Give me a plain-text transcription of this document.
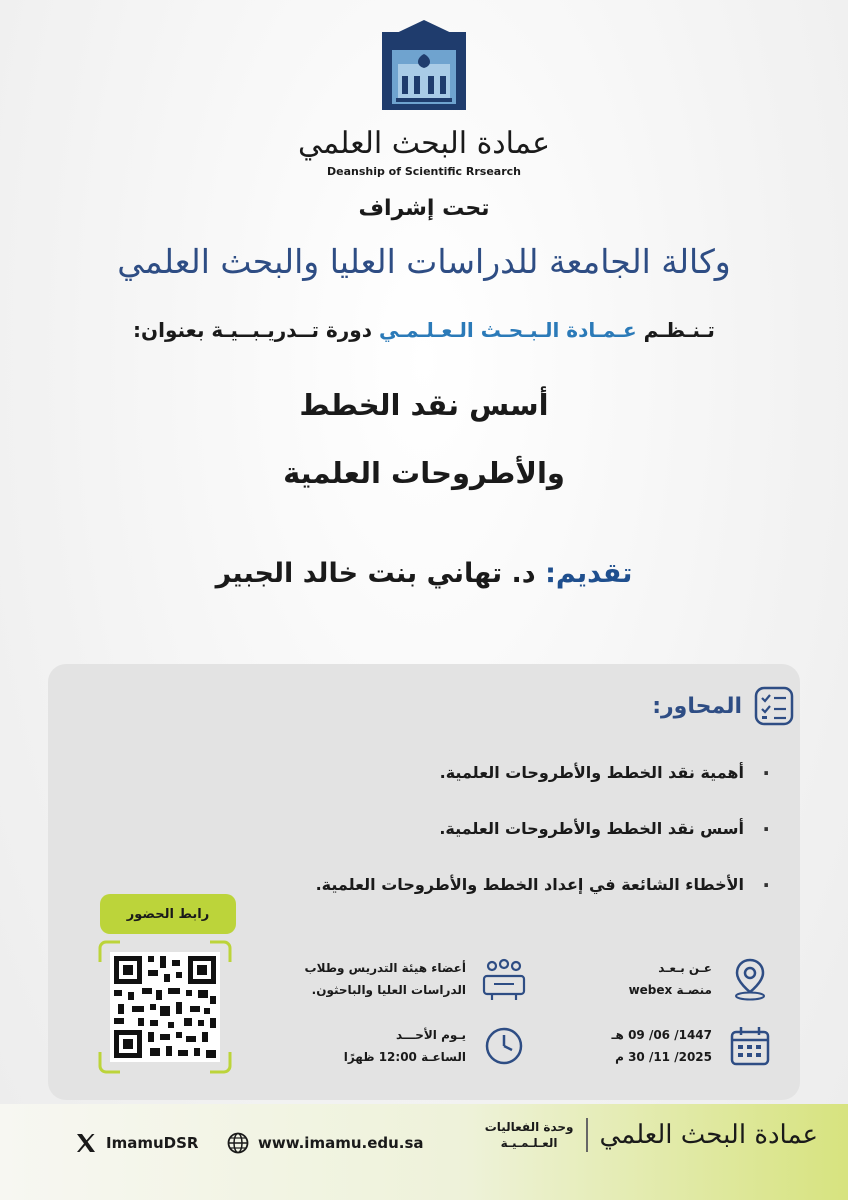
عمادة البحث العلمي
Deanship of Scientific Rrsearch
تحت إشراف
وكالة الجامعة للدراسات العليا والبحث العلمي
تـنـظـم عـمـادة الـبـحـث الـعـلـمـي دورة تــدريـبــيـة بعنوان:
أسس نقد الخطط
والأطروحات العلمية
تقديم: د. تهاني بنت خالد الجبير
المحاور:
· أهمية نقد الخطط والأطروحات العلمية.
· أسس نقد الخطط والأطروحات العلمية.
· الأخطاء الشائعة في إعداد الخطط والأطروحات العلمية.
رابط الحضور
عـن بـعـد
منصـة webex
أعضاء هيئة التدريس وطلاب
الدراسات العليا والباحثون.
1447/ 06/ 09 هـ
2025/ 11/ 30 م
يـوم الأحـــد
الساعـة 12:00 ظهرًا
ImamuDSR	www.imamu.edu.sa	عمادة البحث العلمي
وحدة الفعاليات
العـلـمـيـة
